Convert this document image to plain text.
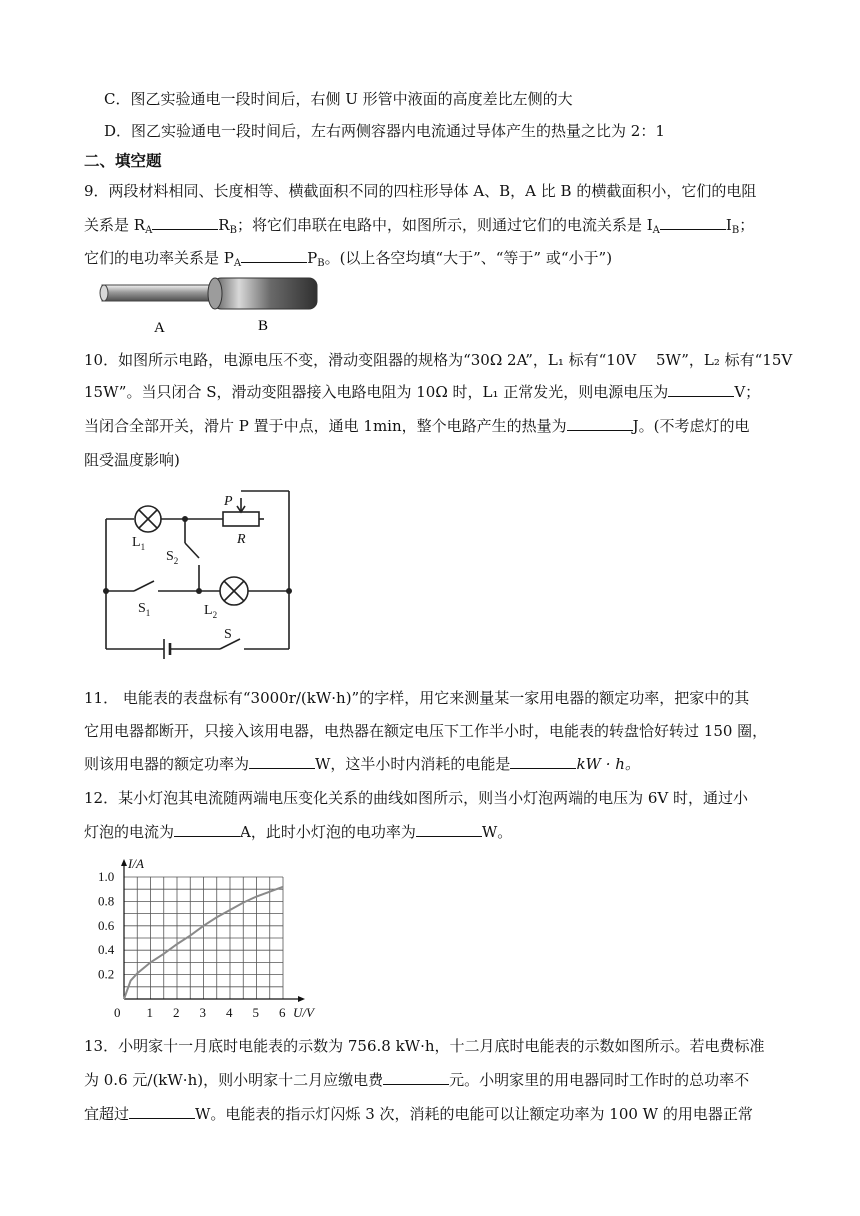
C．图乙实验通电一段时间后，右侧 U 形管中液面的高度差比左侧的大
D．图乙实验通电一段时间后，左右两侧容器内电流通过导体产生的热量之比为 2：1
二、填空题
9．两段材料相同、长度相等、横截面积不同的四柱形导体 A、B，A 比 B 的横截面积小，它们的电阻
关系是 $R_A$	$R_B$；将它们串联在电路中，如图所示，则通过它们的电流关系是 $I_A$	$I_B$；
它们的电功率关系是 $P_A$	$P_B$。(以上各空均填“大于”、“等于” 或“小于”)
A	B
10．如图所示电路，电源电压不变，滑动变阻器的规格为“30Ω 2A”，L₁ 标有“10V　 5W”，L₂ 标有“15V
15W”。当只闭合 S，滑动变阻器接入电路电阻为 10Ω 时，L₁ 正常发光，则电源电压为	V；
当闭合全部开关，滑片 P 置于中点，通电 1min，整个电路产生的热量为	J。(不考虑灯的电
阻受温度影响)
P
R
$L_1$
$S_2$
$S_1$	$L_2$
S
11． 电能表的表盘标有“3000r/(kW·h)”的字样，用它来测量某一家用电器的额定功率，把家中的其
它用电器都断开，只接入该用电器，电热器在额定电压下工作半小时，电能表的转盘恰好转过 150 圈，
则该用电器的额定功率为	W，这半小时内消耗的电能是	kW · h。
12．某小灯泡其电流随两端电压变化关系的曲线如图所示，则当小灯泡两端的电压为 6V 时，通过小
灯泡的电流为	A，此时小灯泡的电功率为	W。
0 1 2 3 4 5 6
0.2
0.4
0.6
0.8
1.0
U/V
I/A
13．小明家十一月底时电能表的示数为 756.8 kW·h，十二月底时电能表的示数如图所示。若电费标准
为 0.6 元/(kW·h)，则小明家十二月应缴电费	元。小明家里的用电器同时工作时的总功率不
宜超过	W。电能表的指示灯闪烁 3 次，消耗的电能可以让额定功率为 100 W 的用电器正常
